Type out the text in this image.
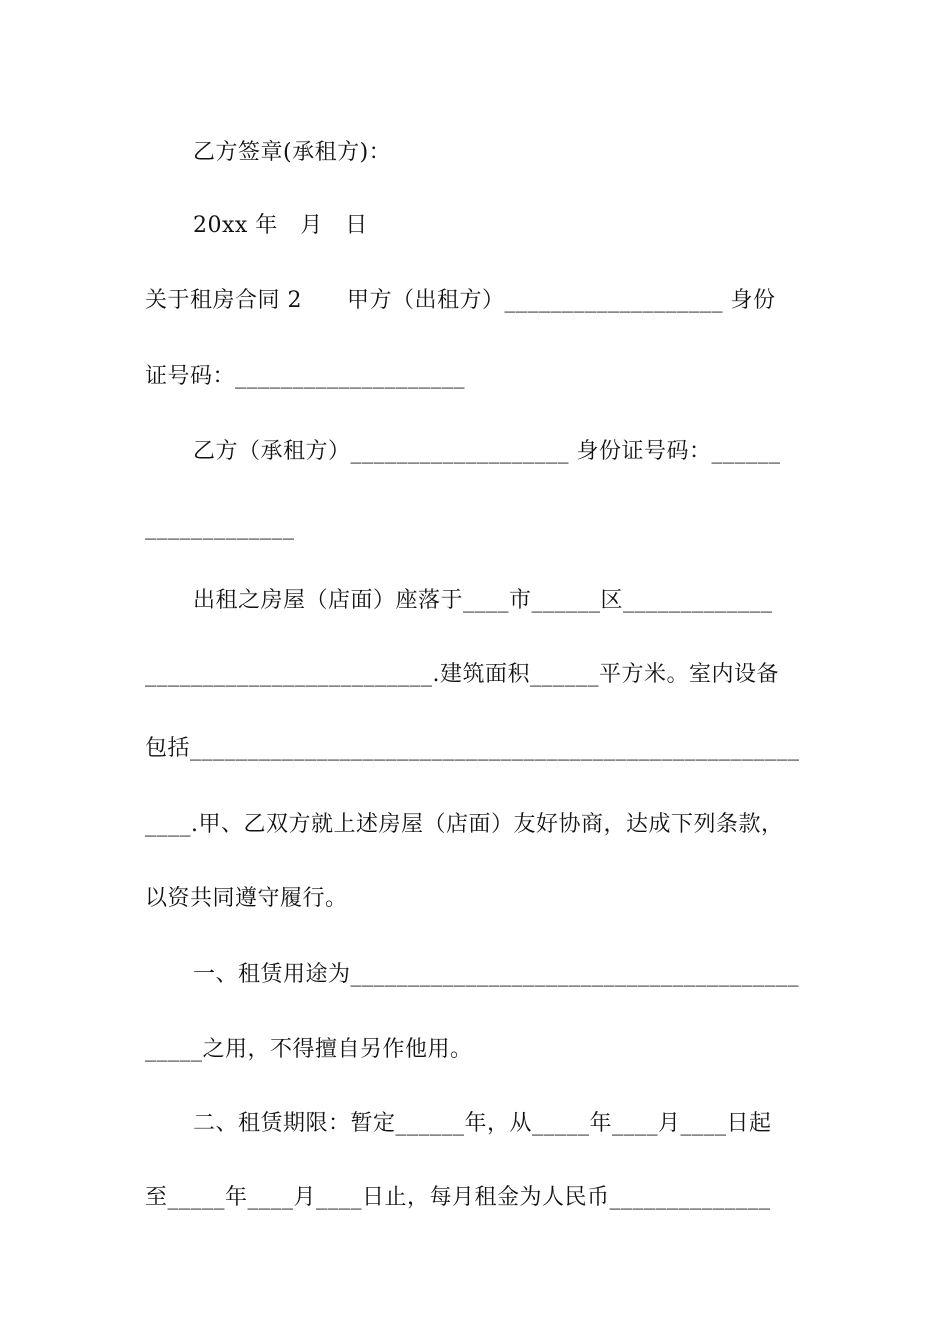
乙方签章(承租方)：
20xx 年   月   日
关于租房合同 2      甲方（出租方）___________________ 身份
证号码：____________________
乙方（承租方）___________________ 身份证号码：______
_____________
出租之房屋（店面）座落于____市______区_____________
_________________________.建筑面积______平方米。室内设备
包括_____________________________________________________
____.甲、乙双方就上述房屋（店面）友好协商，达成下列条款，
以资共同遵守履行。
一、租赁用途为_______________________________________
_____之用，不得擅自另作他用。
二、租赁期限：暂定______年，从_____年____月____日起
至_____年____月____日止，每月租金为人民币______________
